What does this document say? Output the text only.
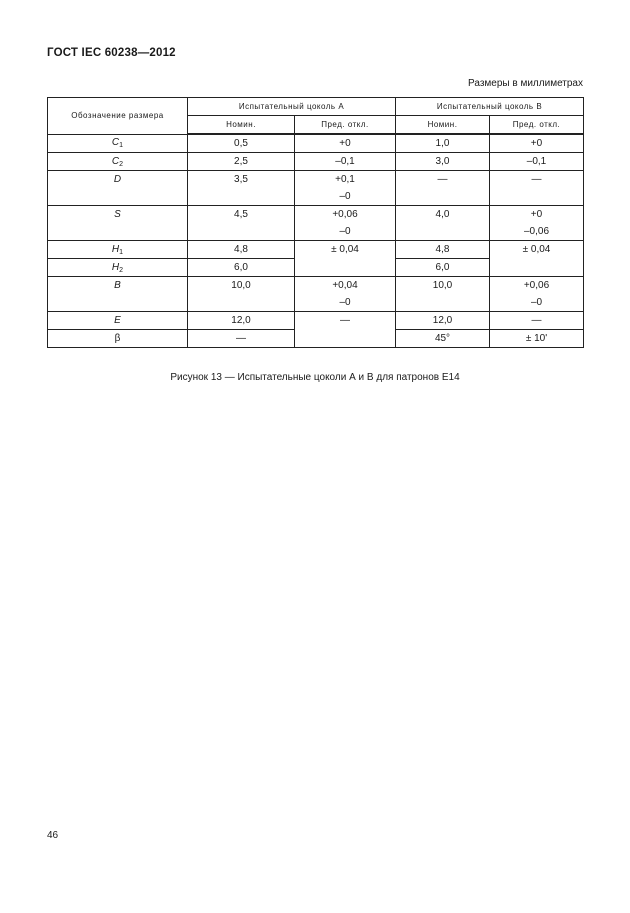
ГОСТ IEC 60238—2012
Размеры в миллиметрах
Обозначение размера	Испытательный цоколь А		Испытательный цоколь В	
	Номин.	Пред. откл.	Номин.	Пред. откл.
$C_1$	0,5	+0	1,0	+0
$C_2$	2,5	–0,1	3,0	–0,1
D	3,5	+0,1	—	—
		–0		
S	4,5	+0,06	4,0	+0
		–0		–0,06
$H_1$	4,8	± 0,04	4,8	± 0,04
$H_2$	6,0		6,0	
B	10,0	+0,04	10,0	+0,06
		–0		–0
E	12,0	—	12,0	—
β	—		45°	± 10'
Рисунок 13 — Испытательные цоколи А и В для патронов Е14
46
